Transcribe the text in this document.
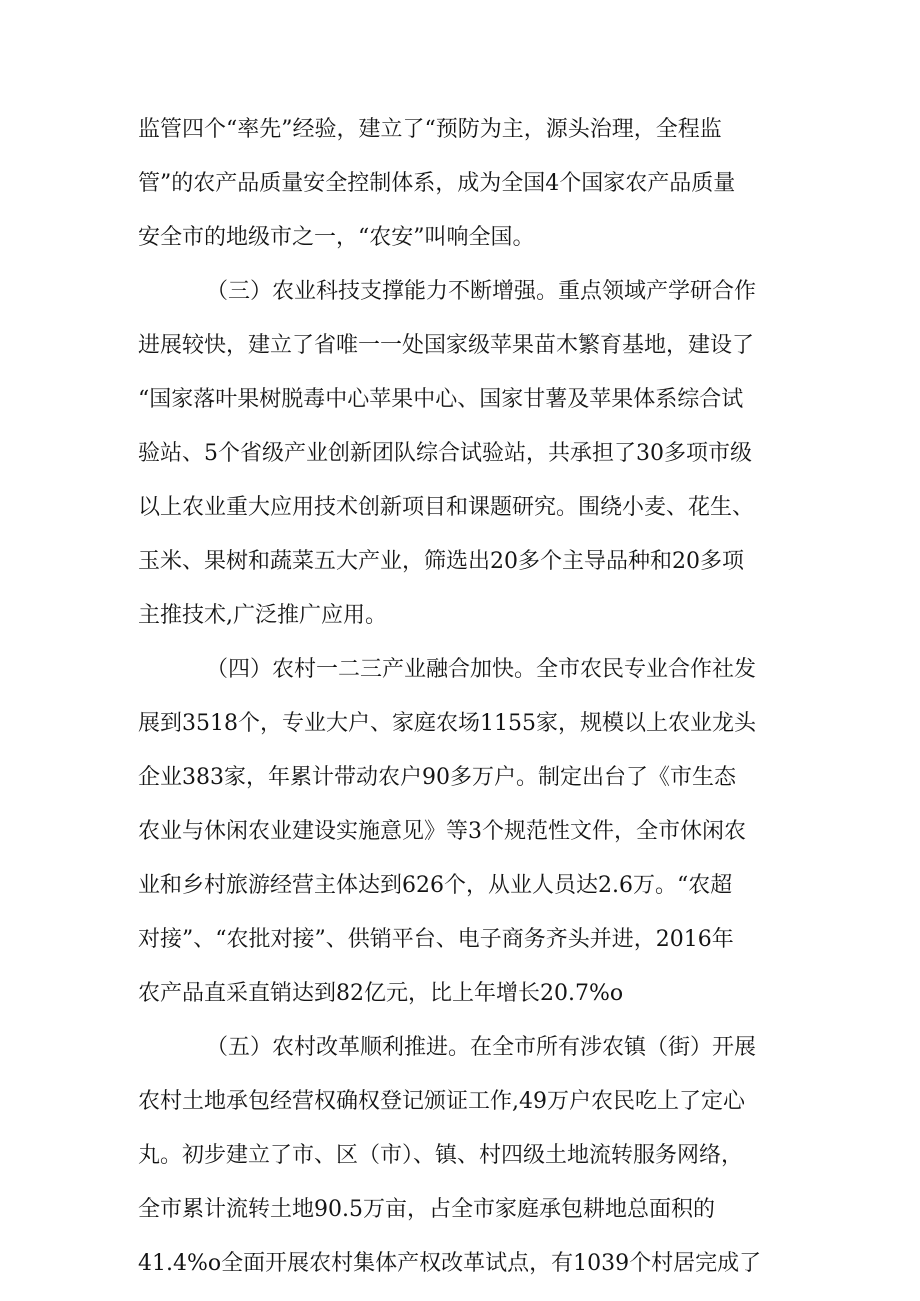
监管四个“率先”经验，建立了“预防为主，源头治理，全程监
管”的农产品质量安全控制体系，成为全国4个国家农产品质量
安全市的地级市之一，“农安”叫响全国。
（三）农业科技支撑能力不断增强。重点领域产学研合作
进展较快，建立了省唯一一处国家级苹果苗木繁育基地，建设了
“国家落叶果树脱毒中心苹果中心、国家甘薯及苹果体系综合试
验站、5个省级产业创新团队综合试验站，共承担了30多项市级
以上农业重大应用技术创新项目和课题研究。围绕小麦、花生、
玉米、果树和蔬菜五大产业，筛选出20多个主导品种和20多项
主推技术,广泛推广应用。
（四）农村一二三产业融合加快。全市农民专业合作社发
展到3518个，专业大户、家庭农场1155家，规模以上农业龙头
企业383家，年累计带动农户90多万户。制定出台了《市生态
农业与休闲农业建设实施意见》等3个规范性文件，全市休闲农
业和乡村旅游经营主体达到626个，从业人员达2.6万。“农超
对接”、“农批对接”、供销平台、电子商务齐头并进，2016年
农产品直采直销达到82亿元，比上年增长20.7%o
（五）农村改革顺利推进。在全市所有涉农镇（街）开展
农村土地承包经营权确权登记颁证工作,49万户农民吃上了定心
丸。初步建立了市、区（市）、镇、村四级土地流转服务网络，
全市累计流转土地90.5万亩，占全市家庭承包耕地总面积的
41.4%o全面开展农村集体产权改革试点，有1039个村居完成了
